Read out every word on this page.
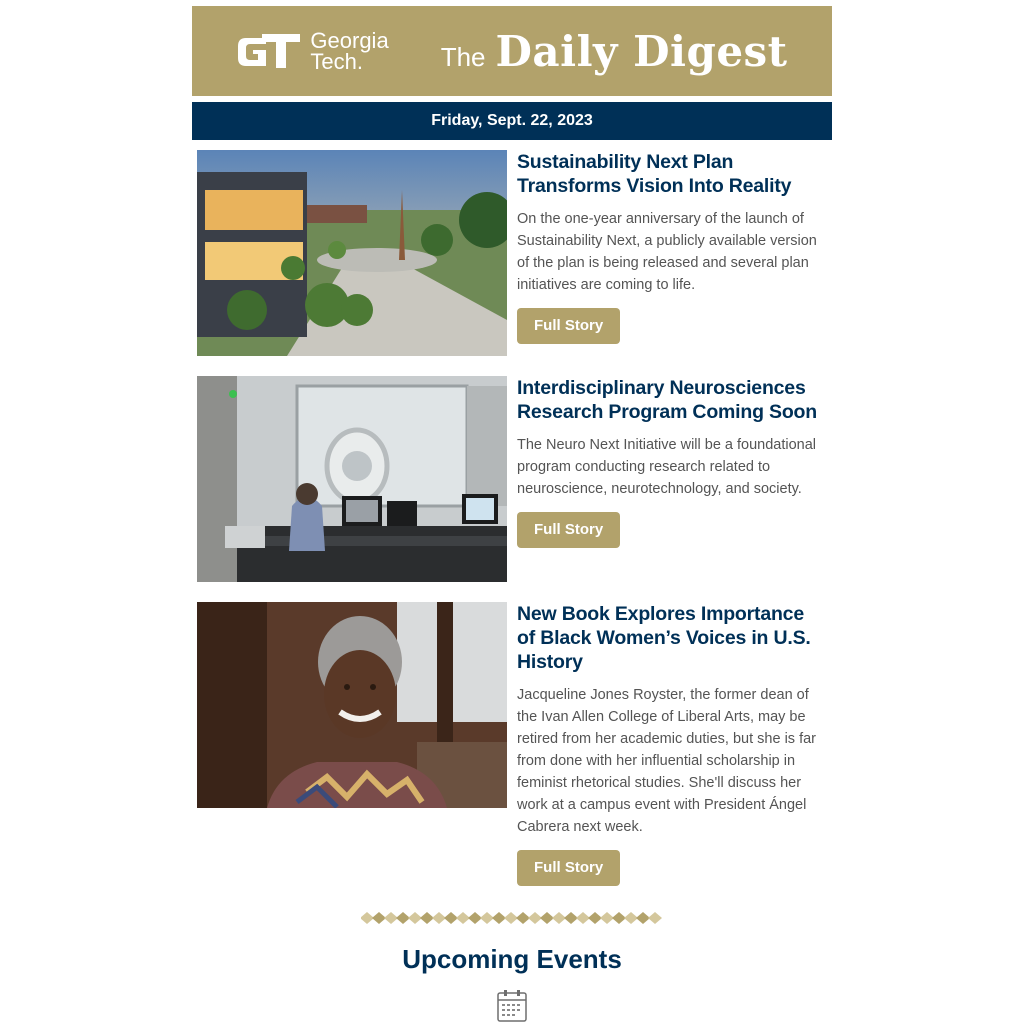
Georgia
Tech.	The Daily Digest
Friday, Sept. 22, 2023
Sustainability Next Plan Transforms Vision Into Reality

On the one-year anniversary of the launch of Sustainability Next, a publicly available version of the plan is being released and several plan initiatives are coming to life.

Full Story
Interdisciplinary Neurosciences Research Program Coming Soon

The Neuro Next Initiative will be a foundational program conducting research related to neuroscience, neurotechnology, and society.

Full Story
New Book Explores Importance of Black Women’s Voices in U.S. History

Jacqueline Jones Royster, the former dean of the Ivan Allen College of Liberal Arts, may be retired from her academic duties, but she is far from done with her influential scholarship in feminist rhetorical studies. She'll discuss her work at a campus event with President Ángel Cabrera next week.

Full Story
Upcoming Events
